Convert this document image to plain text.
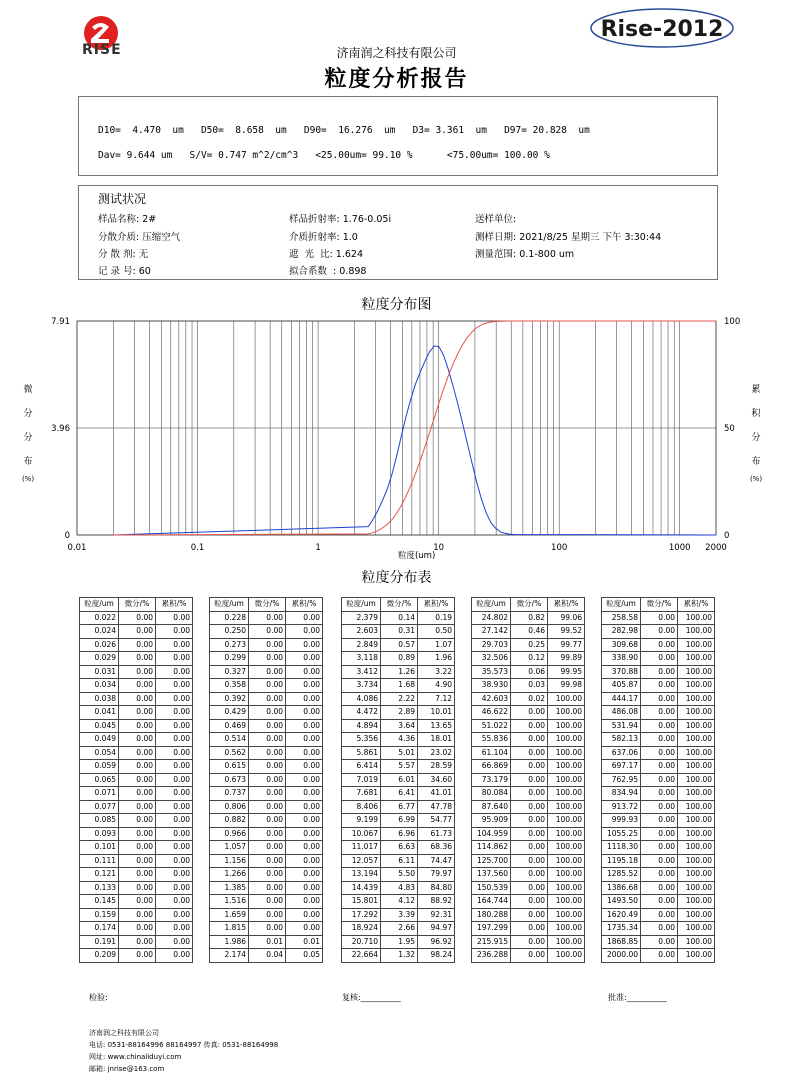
RISE
Rise-2012
济南润之科技有限公司
粒度分析报告
D10=  4.470  um   D50=  8.658  um   D90=  16.276  um   D3= 3.361  um   D97= 20.828  um
Dav= 9.644 um   S/V= 0.747 m^2/cm^3   <25.00um= 99.10 %      <75.00um= 100.00 %
测试状况
样品名称: 2#
分散介质: 压缩空气
分 散 剂: 无
记 录 号: 60
样品折射率: 1.76-0.05i
介质折射率: 1.0
遮  光  比: 1.624
拟合系数  : 0.898
送样单位:
测样日期: 2021/8/25 星期三 下午 3:30:44
测量范围: 0.1-800 um
粒度分布图
0.01	0.1	1	10	100	1000 2000
0
3.96
7.91
0
50
100
粒度(um)
微
分
分
布
(%)
累
积
分
布
(%)
粒度分布表
粒度/um	微分/%	累积/%
0.022	0.00	0.00
0.024	0.00	0.00
0.026	0.00	0.00
0.029	0.00	0.00
0.031	0.00	0.00
0.034	0.00	0.00
0.038	0.00	0.00
0.041	0.00	0.00
0.045	0.00	0.00
0.049	0.00	0.00
0.054	0.00	0.00
0.059	0.00	0.00
0.065	0.00	0.00
0.071	0.00	0.00
0.077	0.00	0.00
0.085	0.00	0.00
0.093	0.00	0.00
0.101	0.00	0.00
0.111	0.00	0.00
0.121	0.00	0.00
0.133	0.00	0.00
0.145	0.00	0.00
0.159	0.00	0.00
0.174	0.00	0.00
0.191	0.00	0.00
0.209	0.00	0.00
粒度/um	微分/%	累积/%
0.228	0.00	0.00
0.250	0.00	0.00
0.273	0.00	0.00
0.299	0.00	0.00
0.327	0.00	0.00
0.358	0.00	0.00
0.392	0.00	0.00
0.429	0.00	0.00
0.469	0.00	0.00
0.514	0.00	0.00
0.562	0.00	0.00
0.615	0.00	0.00
0.673	0.00	0.00
0.737	0.00	0.00
0.806	0.00	0.00
0.882	0.00	0.00
0.966	0.00	0.00
1.057	0.00	0.00
1.156	0.00	0.00
1.266	0.00	0.00
1.385	0.00	0.00
1.516	0.00	0.00
1.659	0.00	0.00
1.815	0.00	0.00
1.986	0.01	0.01
2.174	0.04	0.05
粒度/um	微分/%	累积/%
2.379	0.14	0.19
2.603	0.31	0.50
2.849	0.57	1.07
3.118	0.89	1.96
3.412	1.26	3.22
3.734	1.68	4.90
4.086	2.22	7.12
4.472	2.89	10.01
4.894	3.64	13.65
5.356	4.36	18.01
5.861	5.01	23.02
6.414	5.57	28.59
7.019	6.01	34.60
7.681	6.41	41.01
8.406	6.77	47.78
9.199	6.99	54.77
10.067	6.96	61.73
11.017	6.63	68.36
12.057	6.11	74.47
13.194	5.50	79.97
14.439	4.83	84.80
15.801	4.12	88.92
17.292	3.39	92.31
18.924	2.66	94.97
20.710	1.95	96.92
22.664	1.32	98.24
粒度/um	微分/%	累积/%
24.802	0.82	99.06
27.142	0.46	99.52
29.703	0.25	99.77
32.506	0.12	99.89
35.573	0.06	99.95
38.930	0.03	99.98
42.603	0.02	100.00
46.622	0.00	100.00
51.022	0.00	100.00
55.836	0.00	100.00
61.104	0.00	100.00
66.869	0.00	100.00
73.179	0.00	100.00
80.084	0.00	100.00
87.640	0.00	100.00
95.909	0.00	100.00
104.959	0.00	100.00
114.862	0.00	100.00
125.700	0.00	100.00
137.560	0.00	100.00
150.539	0.00	100.00
164.744	0.00	100.00
180.288	0.00	100.00
197.299	0.00	100.00
215.915	0.00	100.00
236.288	0.00	100.00
粒度/um	微分/%	累积/%
258.58	0.00	100.00
282.98	0.00	100.00
309.68	0.00	100.00
338.90	0.00	100.00
370.88	0.00	100.00
405.87	0.00	100.00
444.17	0.00	100.00
486.08	0.00	100.00
531.94	0.00	100.00
582.13	0.00	100.00
637.06	0.00	100.00
697.17	0.00	100.00
762.95	0.00	100.00
834.94	0.00	100.00
913.72	0.00	100.00
999.93	0.00	100.00
1055.25	0.00	100.00
1118.30	0.00	100.00
1195.18	0.00	100.00
1285.52	0.00	100.00
1386.68	0.00	100.00
1493.50	0.00	100.00
1620.49	0.00	100.00
1735.34	0.00	100.00
1868.85	0.00	100.00
2000.00	0.00	100.00
检验:	复核:__________	批准:__________
济南润之科技有限公司
电话: 0531-88164996 88164997 传真: 0531-88164998
网址: www.chinaliduyi.com
邮箱: jnrise@163.com
